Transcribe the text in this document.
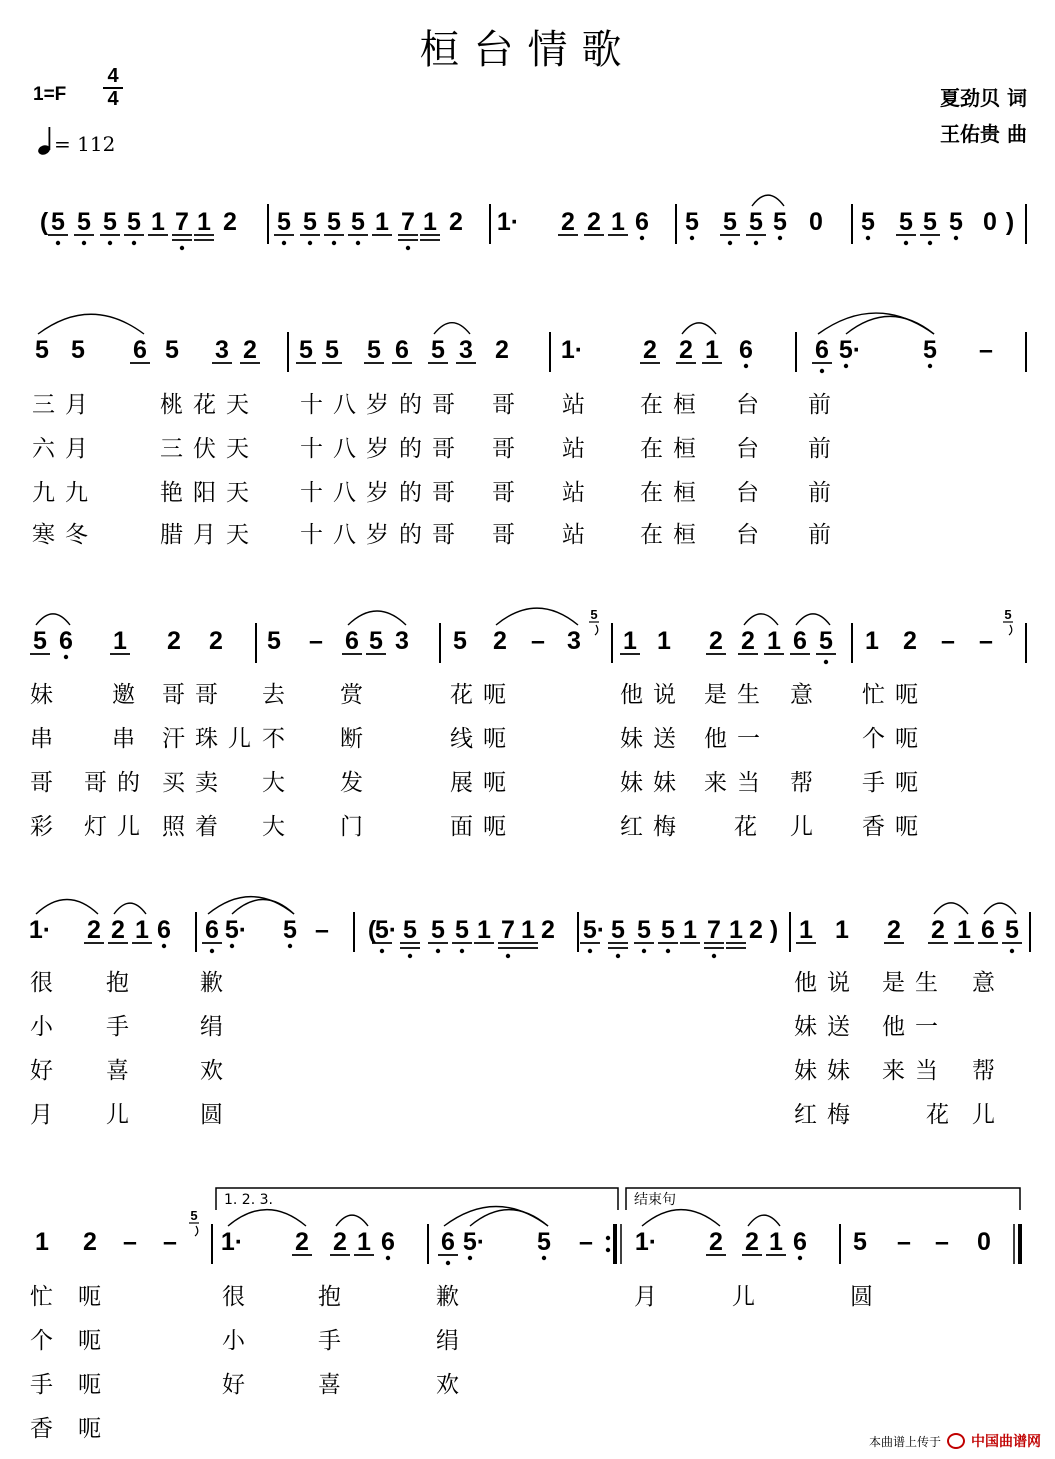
桓台情歌
1=F
4
4
= 112
夏劲贝 词
王佑贵 曲
( 5 5 5 5 1 7 1 2 5 5 5 5 1 7 1 2 1· 2 2 1 6 5 5 5 5 0 5 5 5 5 0 )
5 5 6 5 3 2 5 5 5 6 5 3 2 1· 2 2 1 6 6 5· 5 –
5 6 1 2 2 5 – 6 5 3 5 2 – 3 1 1 2 2 1 6 5 1 2 – –
5	5
1· 2 2 1 6 6 5· 5 – (
5· 5 5 5 1 7 1 2 5· 5 5 5 1 7 1 2 ) 1 1 2 2 1 6 5
1 2 – – 1· 2 2 1 6 6 5· 5 – 1· 2 2 1 6 5 – – 0
5
1. 2. 3.	结束句
三月	桃花天 十八岁的哥 哥 站 在桓 台 前
六月	三伏天 十八岁的哥 哥 站 在桓 台 前
九九	艳阳天 十八岁的哥 哥 站 在桓 台 前
寒冬	腊月天 十八岁的哥 哥 站 在桓 台 前
妹 邀 哥哥 去 赏	花呃	他说 是生 意 忙呃
串 串 汗珠儿 不 断	线呃	妹送 他一	个呃
哥 哥的 买卖 大 发	展呃	妹妹 来当 帮 手呃
彩 灯儿 照着 大 门	面呃	红梅 花 儿 香呃
很 抱	歉	他说 是生 意
小 手	绢	妹送 他一
好 喜	欢	妹妹 来当 帮
月 儿	圆	红梅	花 儿
忙 呃	很	抱	歉	月	儿	圆
个 呃	小	手	绢
手 呃	好	喜	欢
香 呃	本曲谱上传于 中国曲谱网
